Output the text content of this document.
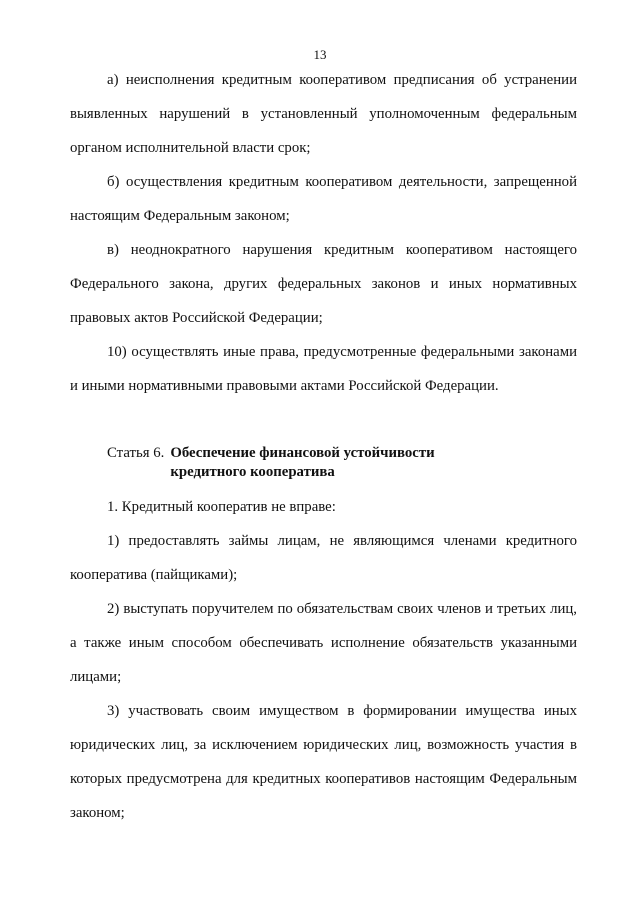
13

а) неисполнения кредитным кооперативом предписания об устранении выявленных нарушений в установленный уполномоченным федеральным органом исполнительной власти срок;

б) осуществления кредитным кооперативом деятельности, запрещенной настоящим Федеральным законом;

в) неоднократного нарушения кредитным кооперативом настоящего Федерального закона, других федеральных законов и иных нормативных правовых актов Российской Федерации;

10) осуществлять иные права, предусмотренные федеральными законами и иными нормативными правовыми актами Российской Федерации.

Статья 6. Обеспечение финансовой устойчивости кредитного кооператива

1. Кредитный кооператив не вправе:

1) предоставлять займы лицам, не являющимся членами кредитного кооператива (пайщиками);

2) выступать поручителем по обязательствам своих членов и третьих лиц, а также иным способом обеспечивать исполнение обязательств указанными лицами;

3) участвовать своим имуществом в формировании имущества иных юридических лиц, за исключением юридических лиц, возможность участия в которых предусмотрена для кредитных кооперативов настоящим Федеральным законом;
